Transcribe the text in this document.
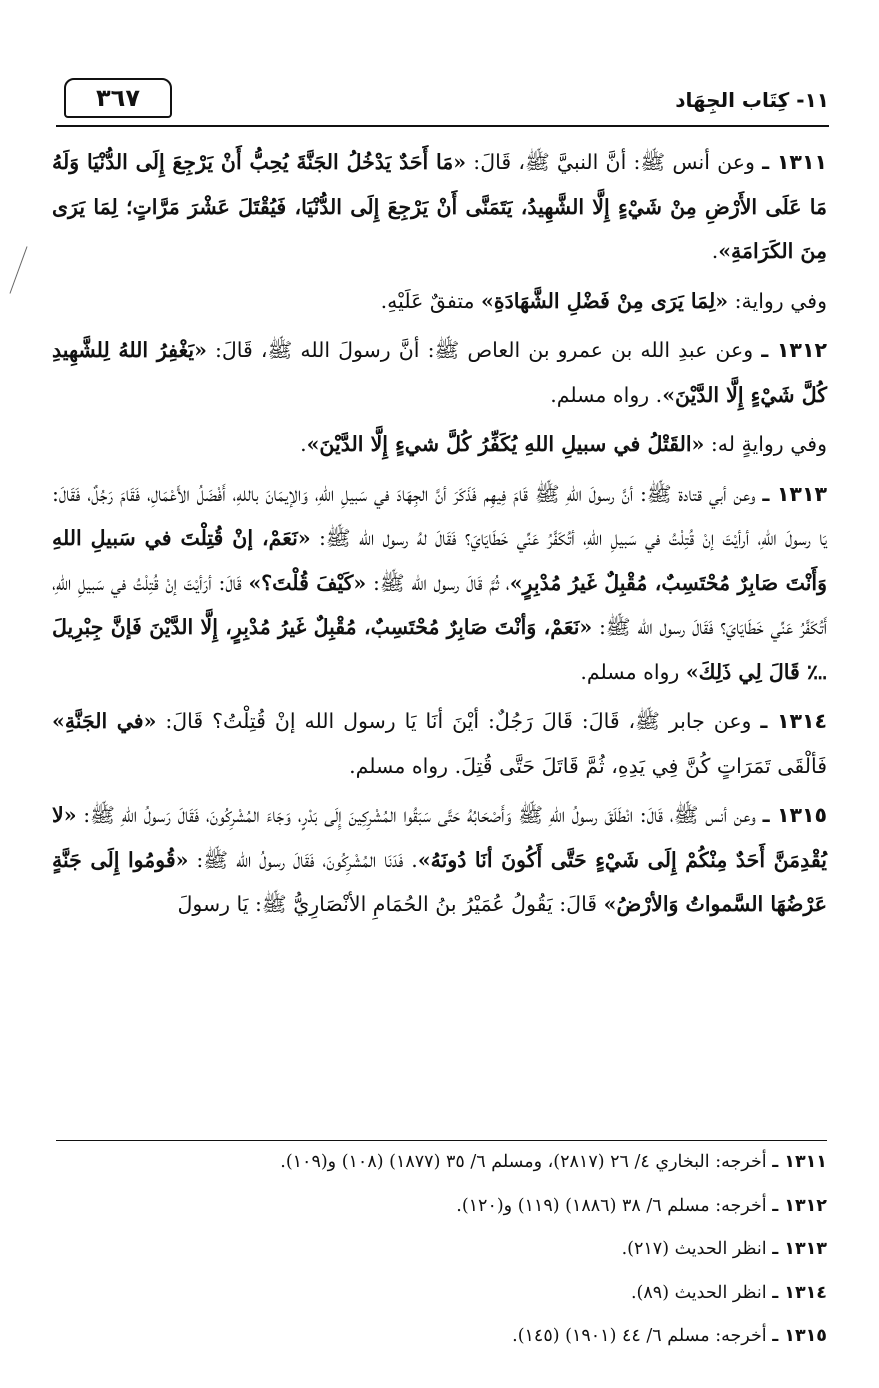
١١- كِتَاب الجِهَاد
٣٦٧

١٣١١ ـ وعن أنس ﷺ: أنَّ النبيَّ ﷺ، قَالَ: «مَا أَحَدٌ يَدْخُلُ الجَنَّةَ يُحِبُّ أَنْ يَرْجِعَ إِلَى الدُّنْيَا وَلَهُ مَا عَلَى الأَرْضِ مِنْ شَيْءٍ إِلَّا الشَّهِيدُ، يَتَمَنَّى أَنْ يَرْجِعَ إِلَى الدُّنْيَا، فَيُقْتَلَ عَشْرَ مَرَّاتٍ؛ لِمَا يَرَى مِنَ الكَرَامَةِ».

وفي رواية: «لِمَا يَرَى مِنْ فَضْلِ الشَّهَادَةِ» متفقٌ عَلَيْهِ.

١٣١٢ ـ وعن عبدِ الله بن عمرو بن العاص ﷺ: أنَّ رسولَ الله ﷺ، قَالَ: «يَغْفِرُ اللهُ لِلشَّهِيدِ كُلَّ شَيْءٍ إِلَّا الدَّيْنَ». رواه مسلم.

وفي روايةٍ له: «القَتْلُ في سبيلِ اللهِ يُكَفِّرُ كُلَّ شيءٍ إِلَّا الدَّيْنَ».

١٣١٣ ـ وعن أبي قتادة ﷺ: أنَّ رسولَ اللهِ ﷺ قَامَ فِيهِم فَذَكَرَ أنَّ الجِهَادَ في سَبيلِ اللهِ، وَالإيمَانَ باللهِ، أَفْضَلُ الأَعْمَالِ، فَقَامَ رَجُلٌ، فَقَالَ: يَا رسولَ اللهِ، أرأيْتَ إنْ قُتِلْتُ في سَبيلِ اللهِ، أتُكَفَّرُ عَنِّي خَطَايَايَ؟ فَقَالَ لهُ رسول الله ﷺ: «نَعَمْ، إنْ قُتِلْتَ في سَبيلِ اللهِ وَأَنْتَ صَابِرٌ مُحْتَسِبٌ، مُقْبِلٌ غَيرُ مُدْبِرٍ»، ثُمَّ قَالَ رسول الله ﷺ: «كَيْفَ قُلْتَ؟» قَالَ: أرَأيْتَ إنْ قُتِلْتُ في سَبيلِ اللهِ، أَتُكَفَّرُ عَنِّي خَطَايَايَ؟ فَقَالَ رسول الله ﷺ: «نَعَمْ، وَأنْتَ صَابِرٌ مُحْتَسِبٌ، مُقْبِلٌ غَيرُ مُدْبِرٍ، إِلَّا الدَّيْنَ فَإنَّ جِبْرِيلَ ؊ قَالَ لِي ذَلِكَ» رواه مسلم.

١٣١٤ ـ وعن جابر ﷺ، قَالَ: قَالَ رَجُلٌ: أيْنَ أنَا يَا رسول الله إنْ قُتِلْتُ؟ قَالَ: «في الجَنَّةِ» فَألْقَى تَمَرَاتٍ كُنَّ فِي يَدِهِ، ثُمَّ قَاتَلَ حَتَّى قُتِلَ. رواه مسلم.

١٣١٥ ـ وعن أنس ﷺ، قَالَ: انْطَلَقَ رسولُ اللهِ ﷺ وَأَصْحَابُهُ حَتَّى سَبَقُوا المُشْرِكِينَ إِلَى بَدْرٍ، وَجَاءَ المُشْرِكُونَ، فَقَالَ رَسولُ اللهِ ﷺ: «لا يُقْدِمَنَّ أَحَدٌ مِنْكُمْ إِلَى شَيْءٍ حَتَّى أَكُونَ أنَا دُونَهُ». فَدَنَا المُشْرِكُونَ، فَقَالَ رسولُ الله ﷺ: «قُومُوا إِلَى جَنَّةٍ عَرْضُهَا السَّمواتُ وَالأرْضُ» قَالَ: يَقُولُ عُمَيْرُ بنُ الحُمَامِ الأنْصَارِيُّ ﷺ: يَا رسولَ

١٣١١ ـ أخرجه: البخاري ٤/ ٢٦ (٢٨١٧)، ومسلم ٦/ ٣٥ (١٨٧٧) (١٠٨) و(١٠٩).

١٣١٢ ـ أخرجه: مسلم ٦/ ٣٨ (١٨٨٦) (١١٩) و(١٢٠).

١٣١٣ ـ انظر الحديث (٢١٧).

١٣١٤ ـ انظر الحديث (٨٩).

١٣١٥ ـ أخرجه: مسلم ٦/ ٤٤ (١٩٠١) (١٤٥).
